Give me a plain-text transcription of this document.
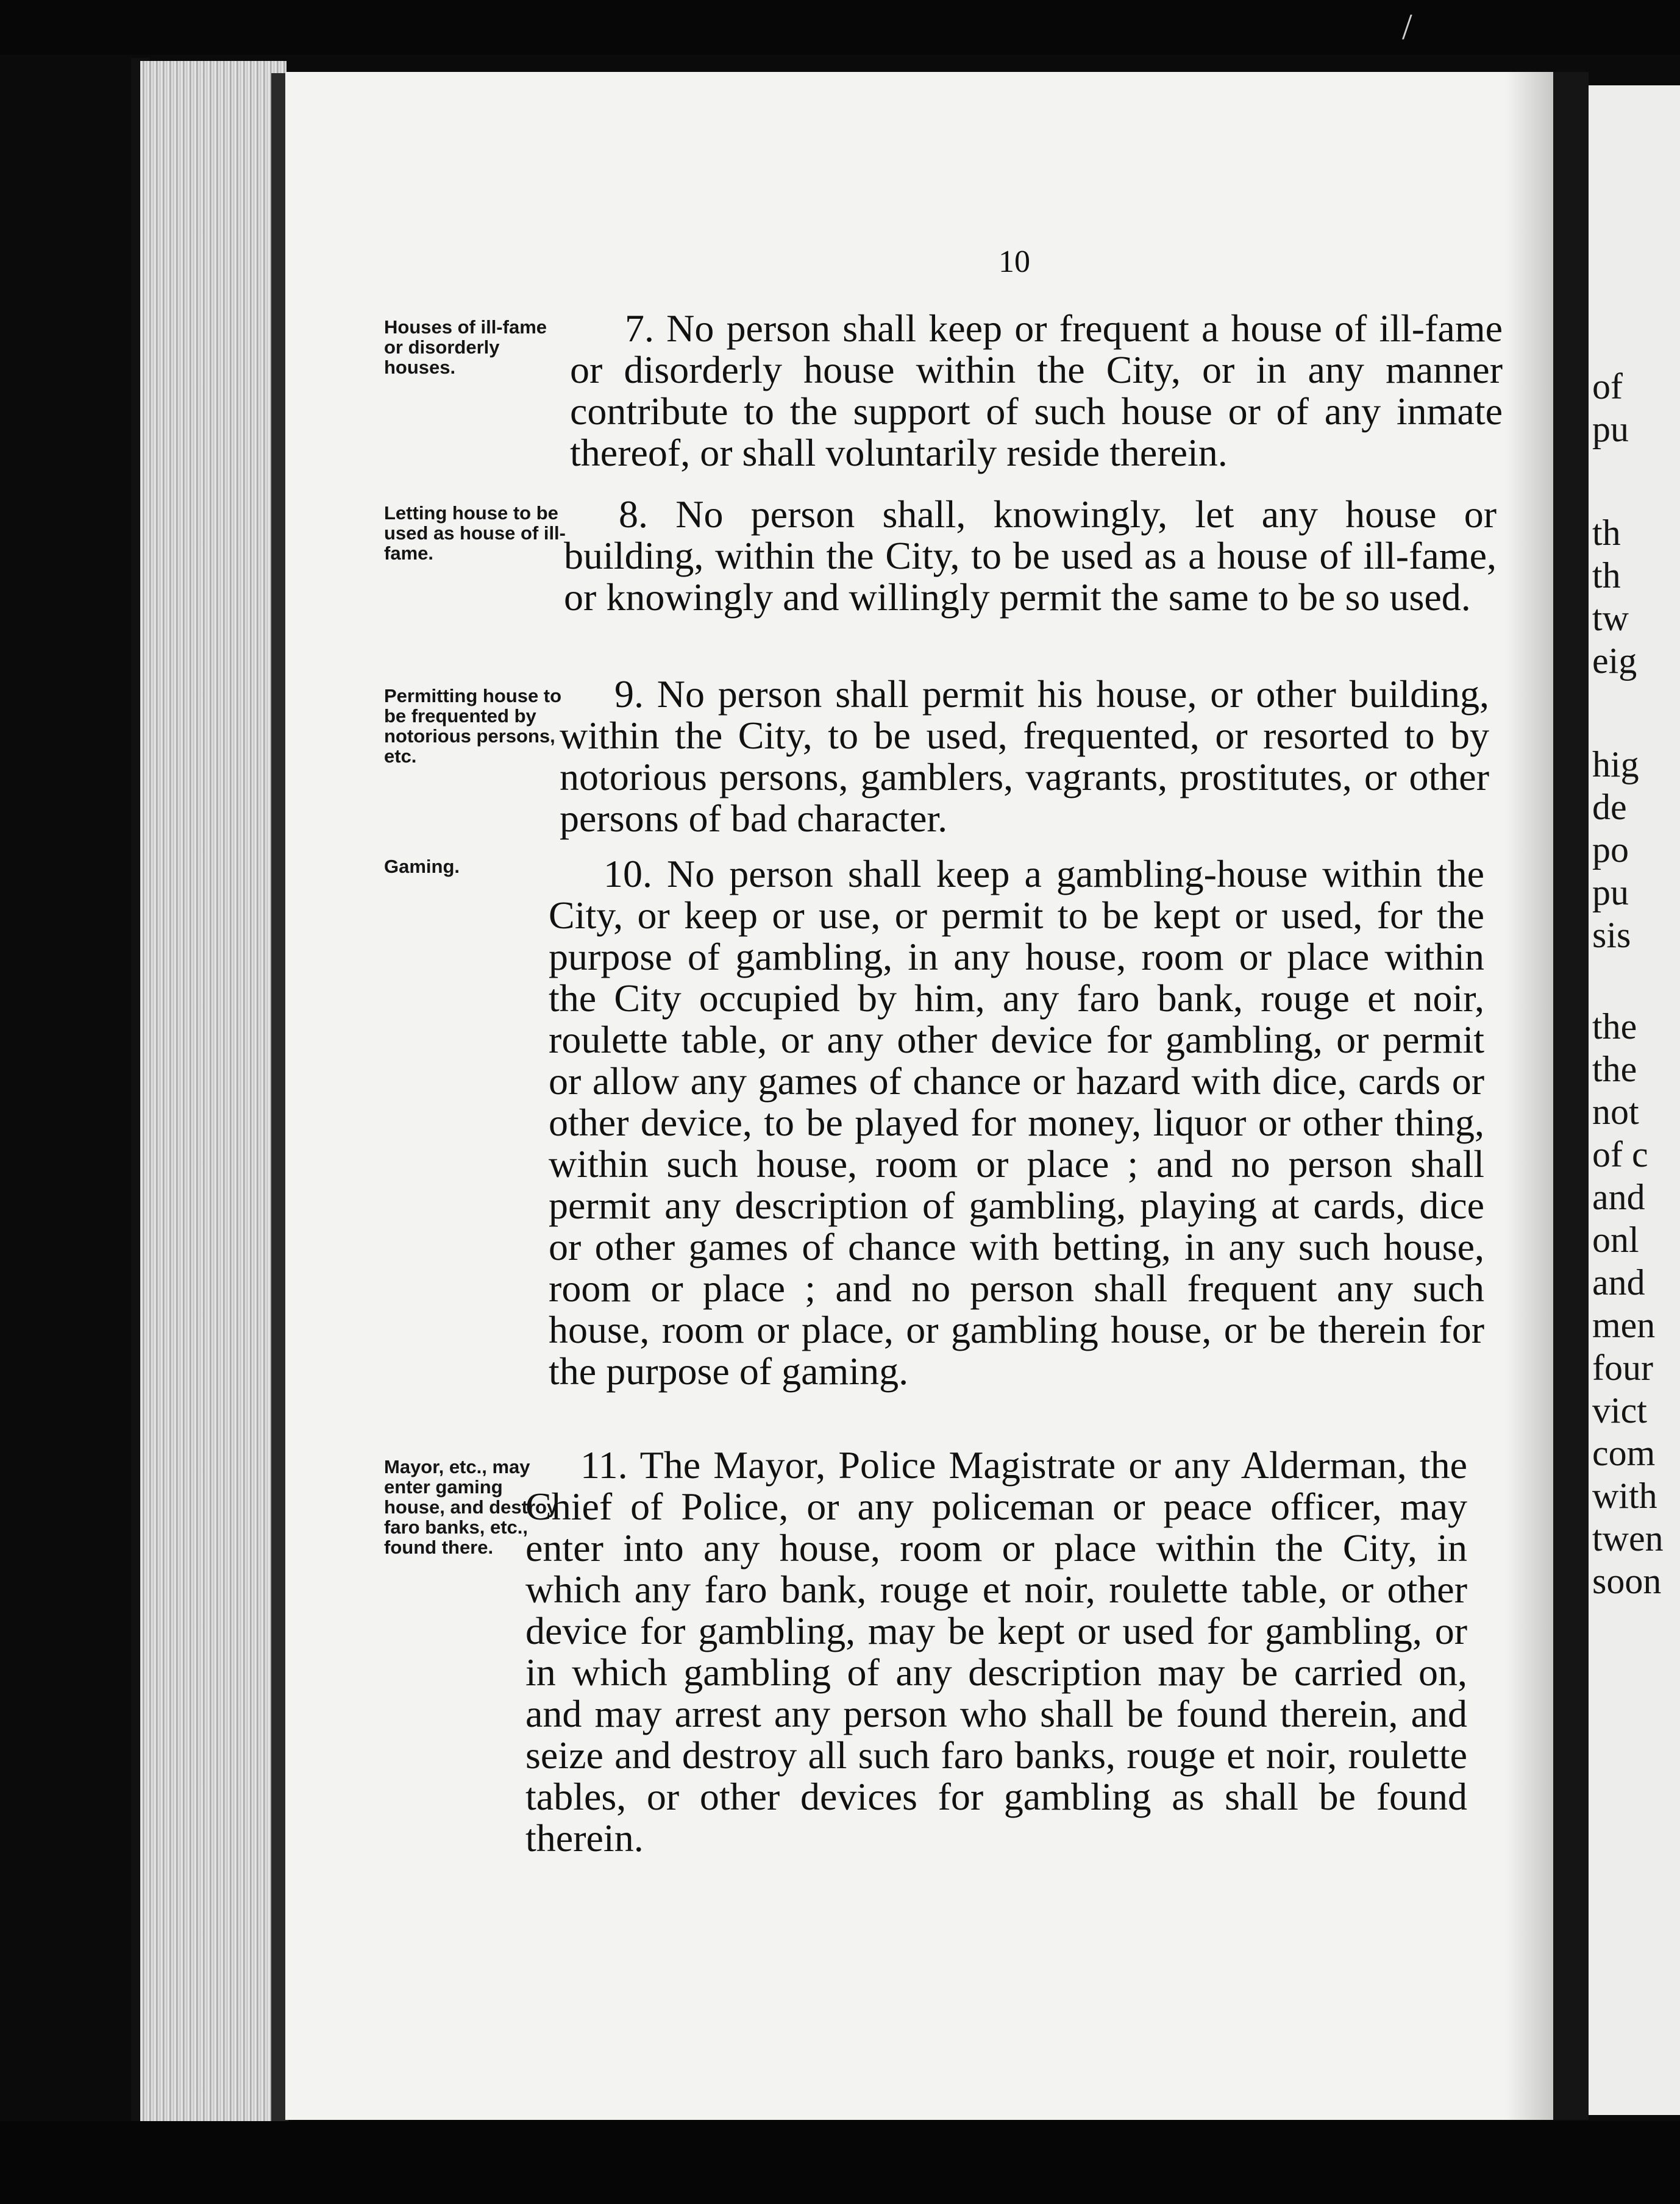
/
10
Houses of ill-fame or disorderly houses.

7. No person shall keep or frequent a house of ill-fame or disorderly house within the City, or in any manner contribute to the support of such house or of any inmate thereof, or shall voluntarily reside therein.

Letting house to be used as house of ill-fame.

8. No person shall, knowingly, let any house or building, within the City, to be used as a house of ill-fame, or knowingly and willingly permit the same to be so used.

Permitting house to be frequented by notorious persons, etc.

9. No person shall permit his house, or other building, within the City, to be used, frequented, or resorted to by notorious persons, gamblers, vagrants, prostitutes, or other persons of bad character.

Gaming.	10. No person shall keep a gambling-house within the City, or keep or use, or permit to be kept or used, for the purpose of gambling, in any house, room or place within the City occupied by him, any faro bank, rouge et noir, roulette table, or any other device for gambling, or permit or allow any games of chance or hazard with dice, cards or other device, to be played for money, liquor or other thing, within such house, room or place ; and no person shall permit any description of gambling, playing at cards, dice or other games of chance with betting, in any such house, room or place ; and no person shall frequent any such house, room or place, or gambling house, or be therein for the purpose of gaming.

Mayor, etc., may enter gaming house, and destroy faro banks, etc., found there.

11. The Mayor, Police Magistrate or any Alderman, the Chief of Police, or any policeman or peace officer, may enter into any house, room or place within the City, in which any faro bank, rouge et noir, roulette table, or other device for gambling, may be kept or used for gambling, or in which gambling of any description may be carried on, and may arrest any person who shall be found therein, and seize and destroy all such faro banks, rouge et noir, roulette tables, or other devices for gambling as shall be found therein.

of
pu
th
th
tw
eig
hig
de
po
pu
sis
the
the
not
of c
and
onl
and
men
four
vict
com
with
twen
soon
